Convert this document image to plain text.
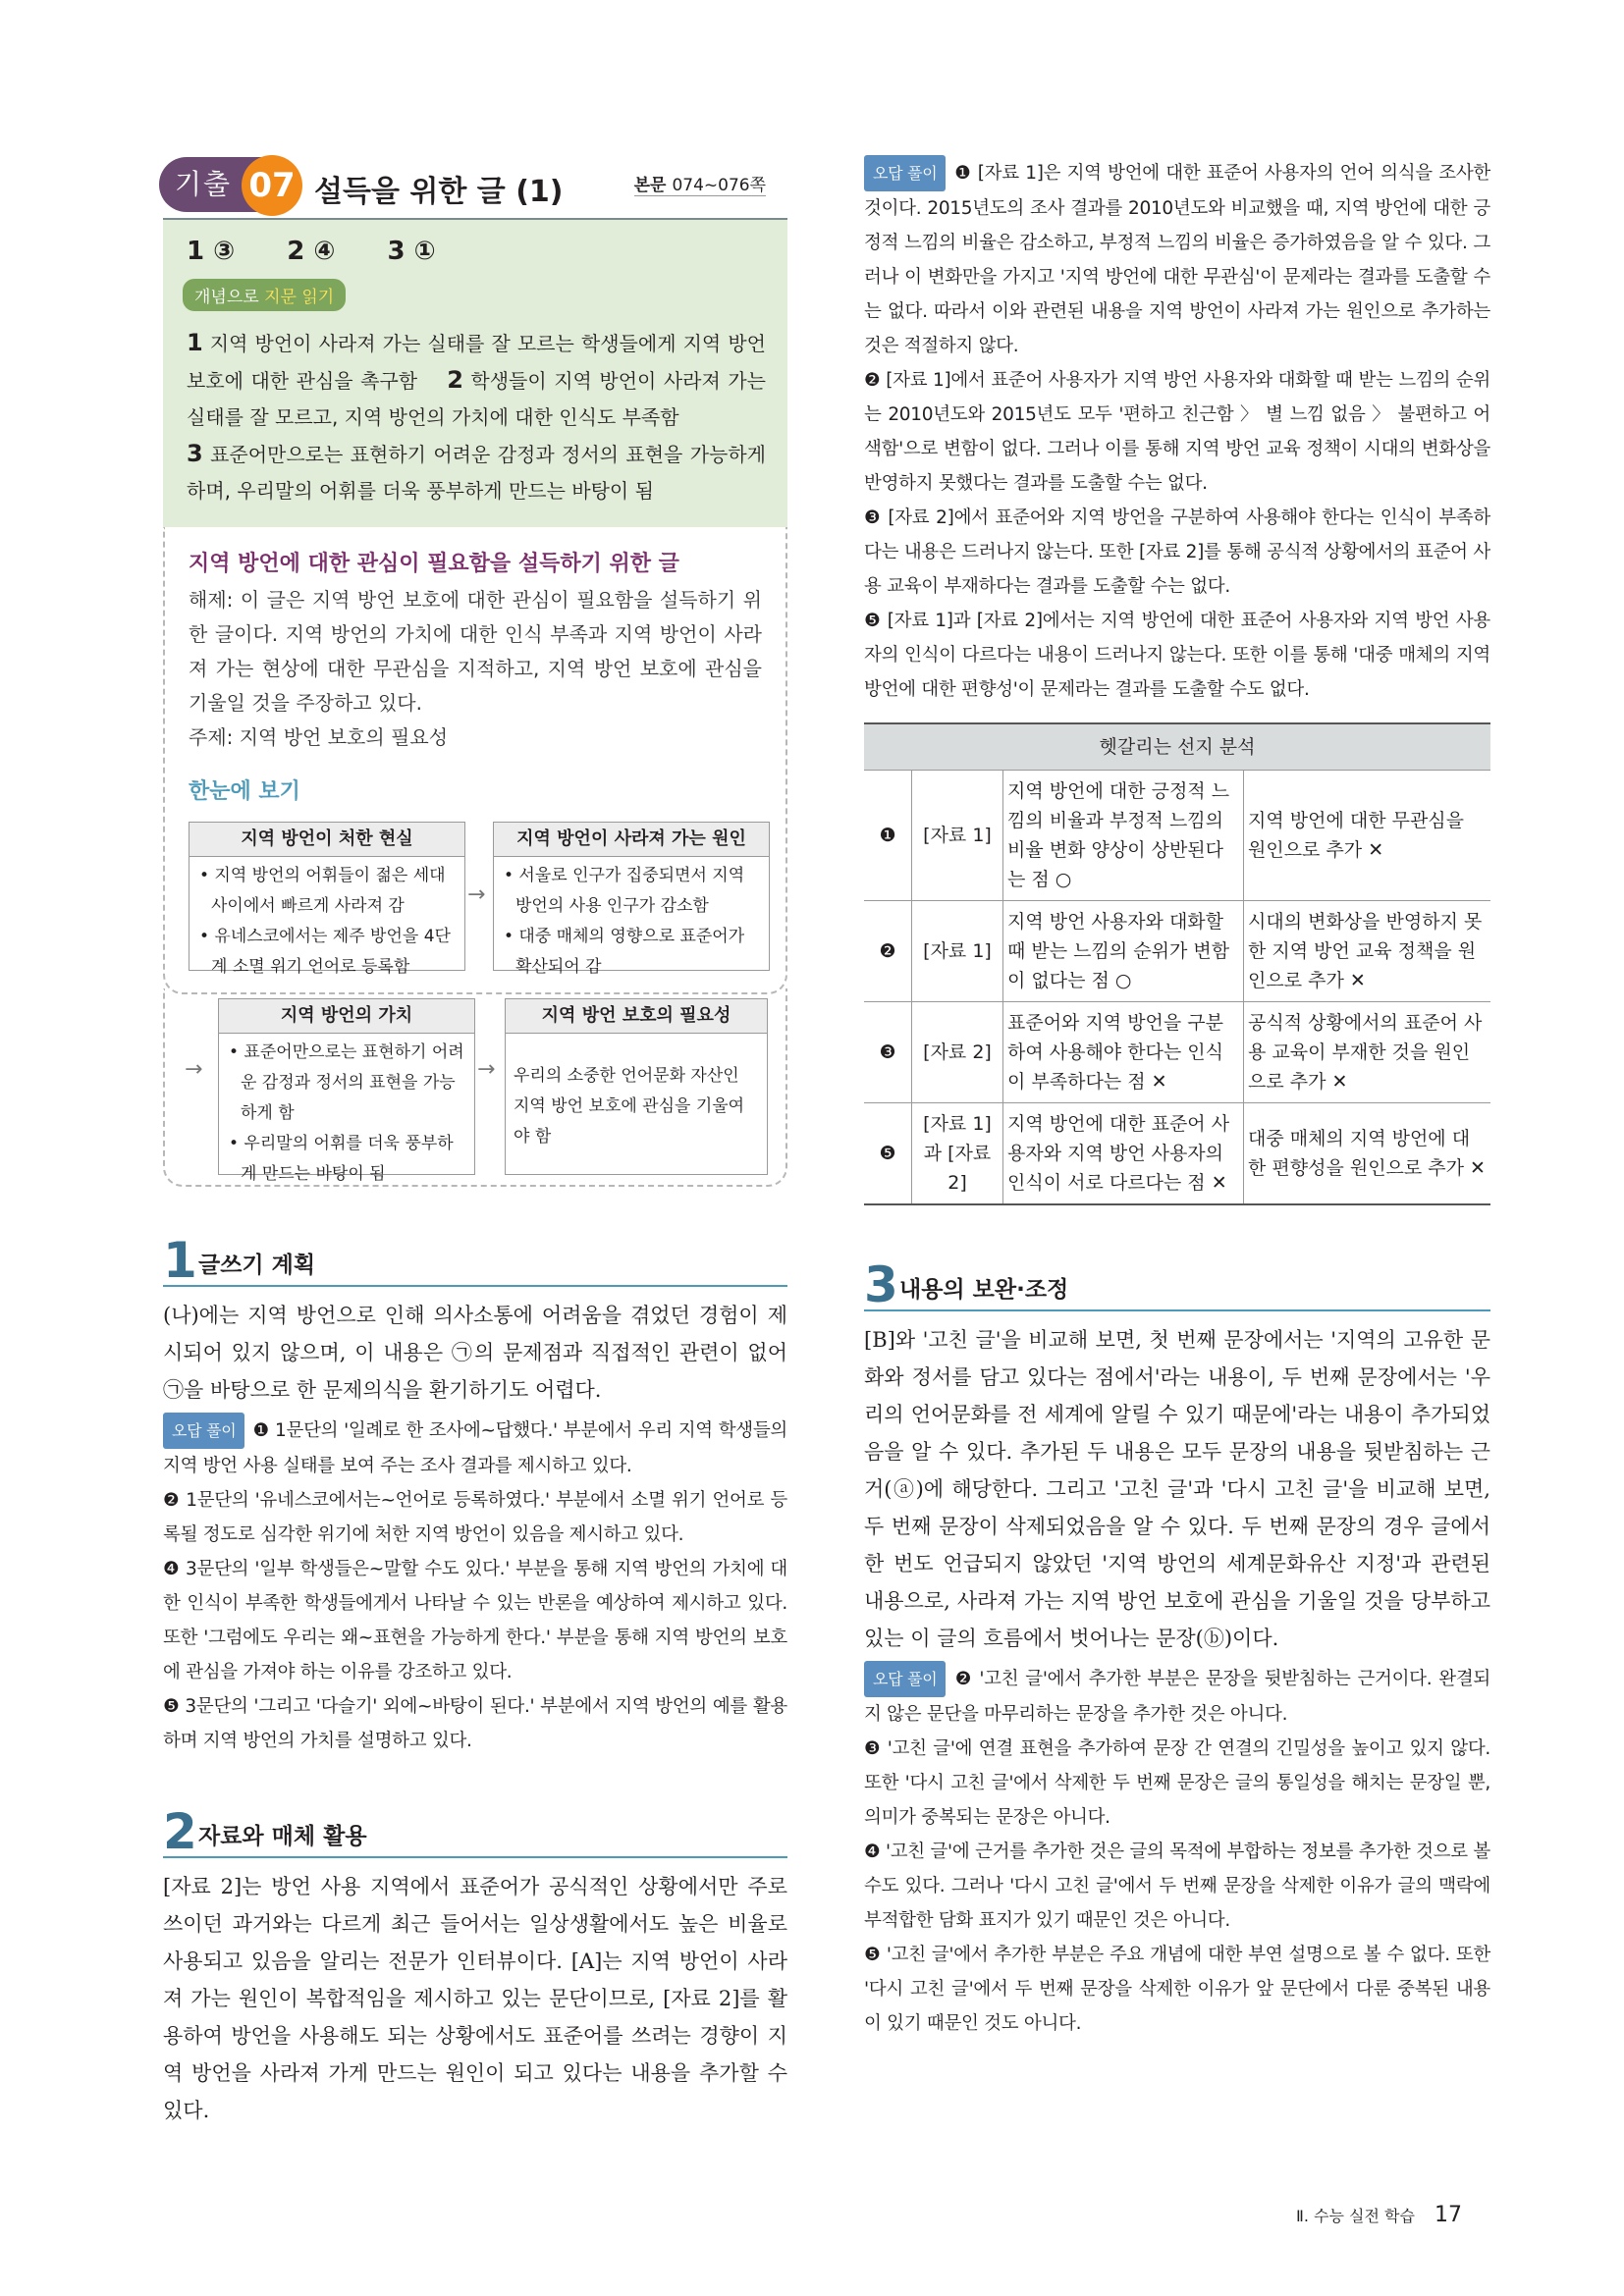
기출 07 설득을 위한 글 (1)	본문 074~076쪽
1 ③ 2 ④ 3 ①
개념으로 지문 읽기
1 지역 방언이 사라져 가는 실태를 잘 모르는 학생들에게 지역 방언 보호에 대한 관심을 촉구함 2 학생들이 지역 방언이 사라져 가는 실태를 잘 모르고, 지역 방언의 가치에 대한 인식도 부족함
3 표준어만으로는 표현하기 어려운 감정과 정서의 표현을 가능하게 하며, 우리말의 어휘를 더욱 풍부하게 만드는 바탕이 됨
지역 방언에 대한 관심이 필요함을 설득하기 위한 글
해제: 이 글은 지역 방언 보호에 대한 관심이 필요함을 설득하기 위한 글이다. 지역 방언의 가치에 대한 인식 부족과 지역 방언이 사라져 가는 현상에 대한 무관심을 지적하고, 지역 방언 보호에 관심을 기울일 것을 주장하고 있다.
주제: 지역 방언 보호의 필요성
한눈에 보기
지역 방언이 처한 현실
• 지역 방언의 어휘들이 젊은 세대 사이에서 빠르게 사라져 감
• 유네스코에서는 제주 방언을 4단계 소멸 위기 언어로 등록함
→
지역 방언이 사라져 가는 원인
• 서울로 인구가 집중되면서 지역 방언의 사용 인구가 감소함
• 대중 매체의 영향으로 표준어가 확산되어 감
→
지역 방언의 가치
• 표준어만으로는 표현하기 어려운 감정과 정서의 표현을 가능하게 함
• 우리말의 어휘를 더욱 풍부하게 만드는 바탕이 됨
→
지역 방언 보호의 필요성
우리의 소중한 언어문화 자산인 지역 방언 보호에 관심을 기울여야 함
1 글쓰기 계획
(나)에는 지역 방언으로 인해 의사소통에 어려움을 겪었던 경험이 제시되어 있지 않으며, 이 내용은 ㉠의 문제점과 직접적인 관련이 없어 ㉠을 바탕으로 한 문제의식을 환기하기도 어렵다.
오답 풀이 ❶ 1문단의 '일례로 한 조사에~답했다.' 부분에서 우리 지역 학생들의 지역 방언 사용 실태를 보여 주는 조사 결과를 제시하고 있다.
❷ 1문단의 '유네스코에서는~언어로 등록하였다.' 부분에서 소멸 위기 언어로 등록될 정도로 심각한 위기에 처한 지역 방언이 있음을 제시하고 있다.
❹ 3문단의 '일부 학생들은~말할 수도 있다.' 부분을 통해 지역 방언의 가치에 대한 인식이 부족한 학생들에게서 나타날 수 있는 반론을 예상하여 제시하고 있다. 또한 '그럼에도 우리는 왜~표현을 가능하게 한다.' 부분을 통해 지역 방언의 보호에 관심을 가져야 하는 이유를 강조하고 있다.
❺ 3문단의 '그리고 '다슬기' 외에~바탕이 된다.' 부분에서 지역 방언의 예를 활용하며 지역 방언의 가치를 설명하고 있다.
2 자료와 매체 활용
[자료 2]는 방언 사용 지역에서 표준어가 공식적인 상황에서만 주로 쓰이던 과거와는 다르게 최근 들어서는 일상생활에서도 높은 비율로 사용되고 있음을 알리는 전문가 인터뷰이다. [A]는 지역 방언이 사라져 가는 원인이 복합적임을 제시하고 있는 문단이므로, [자료 2]를 활용하여 방언을 사용해도 되는 상황에서도 표준어를 쓰려는 경향이 지역 방언을 사라져 가게 만드는 원인이 되고 있다는 내용을 추가할 수 있다.
오답 풀이 ❶ [자료 1]은 지역 방언에 대한 표준어 사용자의 언어 의식을 조사한 것이다. 2015년도의 조사 결과를 2010년도와 비교했을 때, 지역 방언에 대한 긍정적 느낌의 비율은 감소하고, 부정적 느낌의 비율은 증가하였음을 알 수 있다. 그러나 이 변화만을 가지고 '지역 방언에 대한 무관심'이 문제라는 결과를 도출할 수는 없다. 따라서 이와 관련된 내용을 지역 방언이 사라져 가는 원인으로 추가하는 것은 적절하지 않다.
❷ [자료 1]에서 표준어 사용자가 지역 방언 사용자와 대화할 때 받는 느낌의 순위는 2010년도와 2015년도 모두 '편하고 친근함 〉 별 느낌 없음 〉 불편하고 어색함'으로 변함이 없다. 그러나 이를 통해 지역 방언 교육 정책이 시대의 변화상을 반영하지 못했다는 결과를 도출할 수는 없다.
❸ [자료 2]에서 표준어와 지역 방언을 구분하여 사용해야 한다는 인식이 부족하다는 내용은 드러나지 않는다. 또한 [자료 2]를 통해 공식적 상황에서의 표준어 사용 교육이 부재하다는 결과를 도출할 수는 없다.
❺ [자료 1]과 [자료 2]에서는 지역 방언에 대한 표준어 사용자와 지역 방언 사용자의 인식이 다르다는 내용이 드러나지 않는다. 또한 이를 통해 '대중 매체의 지역 방언에 대한 편향성'이 문제라는 결과를 도출할 수도 없다.
헷갈리는 선지 분석			
❶	[자료 1]	지역 방언에 대한 긍정적 느낌의 비율과 부정적 느낌의 비율 변화 양상이 상반된다는 점 ○	지역 방언에 대한 무관심을 원인으로 추가 ✕
❷	[자료 1]	지역 방언 사용자와 대화할 때 받는 느낌의 순위가 변함이 없다는 점 ○	시대의 변화상을 반영하지 못한 지역 방언 교육 정책을 원인으로 추가 ✕
❸	[자료 2]	표준어와 지역 방언을 구분하여 사용해야 한다는 인식이 부족하다는 점 ✕	공식적 상황에서의 표준어 사용 교육이 부재한 것을 원인으로 추가 ✕
❺	[자료 1]과 [자료 2]	지역 방언에 대한 표준어 사용자와 지역 방언 사용자의 인식이 서로 다르다는 점 ✕	대중 매체의 지역 방언에 대한 편향성을 원인으로 추가 ✕
3 내용의 보완·조정
[B]와 '고친 글'을 비교해 보면, 첫 번째 문장에서는 '지역의 고유한 문화와 정서를 담고 있다는 점에서'라는 내용이, 두 번째 문장에서는 '우리의 언어문화를 전 세계에 알릴 수 있기 때문에'라는 내용이 추가되었음을 알 수 있다. 추가된 두 내용은 모두 문장의 내용을 뒷받침하는 근거(ⓐ)에 해당한다. 그리고 '고친 글'과 '다시 고친 글'을 비교해 보면, 두 번째 문장이 삭제되었음을 알 수 있다. 두 번째 문장의 경우 글에서 한 번도 언급되지 않았던 '지역 방언의 세계문화유산 지정'과 관련된 내용으로, 사라져 가는 지역 방언 보호에 관심을 기울일 것을 당부하고 있는 이 글의 흐름에서 벗어나는 문장(ⓑ)이다.
오답 풀이 ❷ '고친 글'에서 추가한 부분은 문장을 뒷받침하는 근거이다. 완결되지 않은 문단을 마무리하는 문장을 추가한 것은 아니다.
❸ '고친 글'에 연결 표현을 추가하여 문장 간 연결의 긴밀성을 높이고 있지 않다. 또한 '다시 고친 글'에서 삭제한 두 번째 문장은 글의 통일성을 해치는 문장일 뿐, 의미가 중복되는 문장은 아니다.
❹ '고친 글'에 근거를 추가한 것은 글의 목적에 부합하는 정보를 추가한 것으로 볼 수도 있다. 그러나 '다시 고친 글'에서 두 번째 문장을 삭제한 이유가 글의 맥락에 부적합한 담화 표지가 있기 때문인 것은 아니다.
❺ '고친 글'에서 추가한 부분은 주요 개념에 대한 부연 설명으로 볼 수 없다. 또한 '다시 고친 글'에서 두 번째 문장을 삭제한 이유가 앞 문단에서 다룬 중복된 내용이 있기 때문인 것도 아니다.
Ⅱ. 수능 실전 학습 17
